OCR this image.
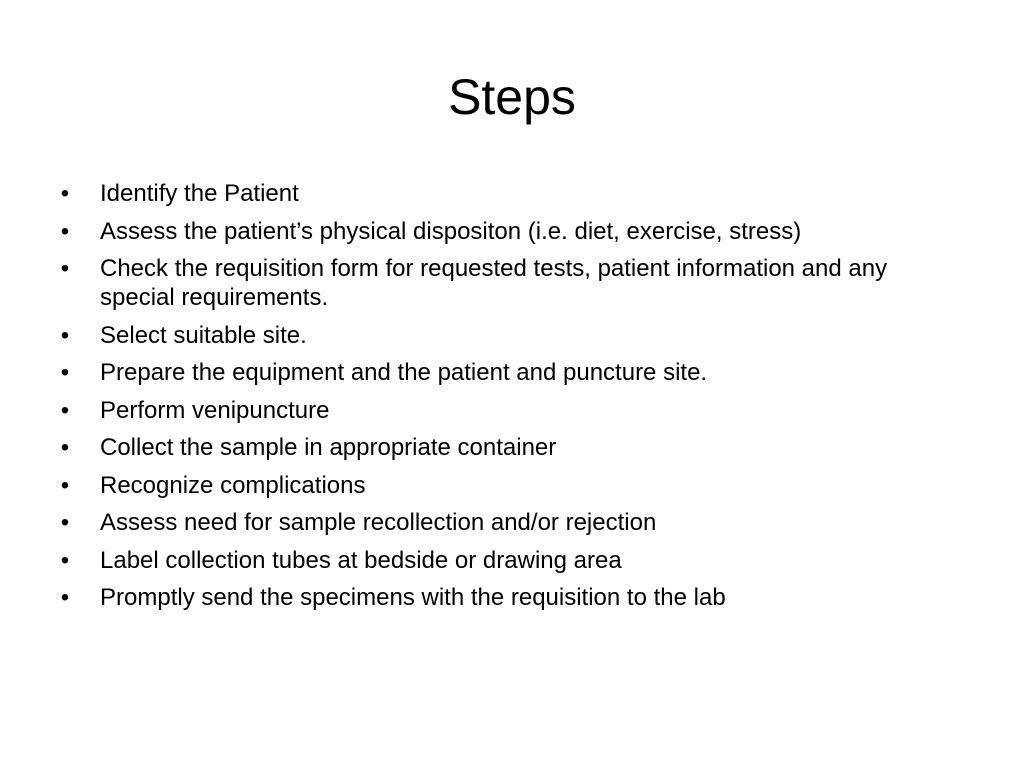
Steps
• Identify the Patient
• Assess the patient’s physical dispositon (i.e. diet, exercise, stress)
• Check the requisition form for requested tests, patient information and any special requirements.
• Select suitable site.
• Prepare the equipment and the patient and puncture site.
• Perform venipuncture
• Collect the sample in appropriate container
• Recognize complications
• Assess need for sample recollection and/or rejection
• Label collection tubes at bedside or drawing area
• Promptly send the specimens with the requisition to the lab
